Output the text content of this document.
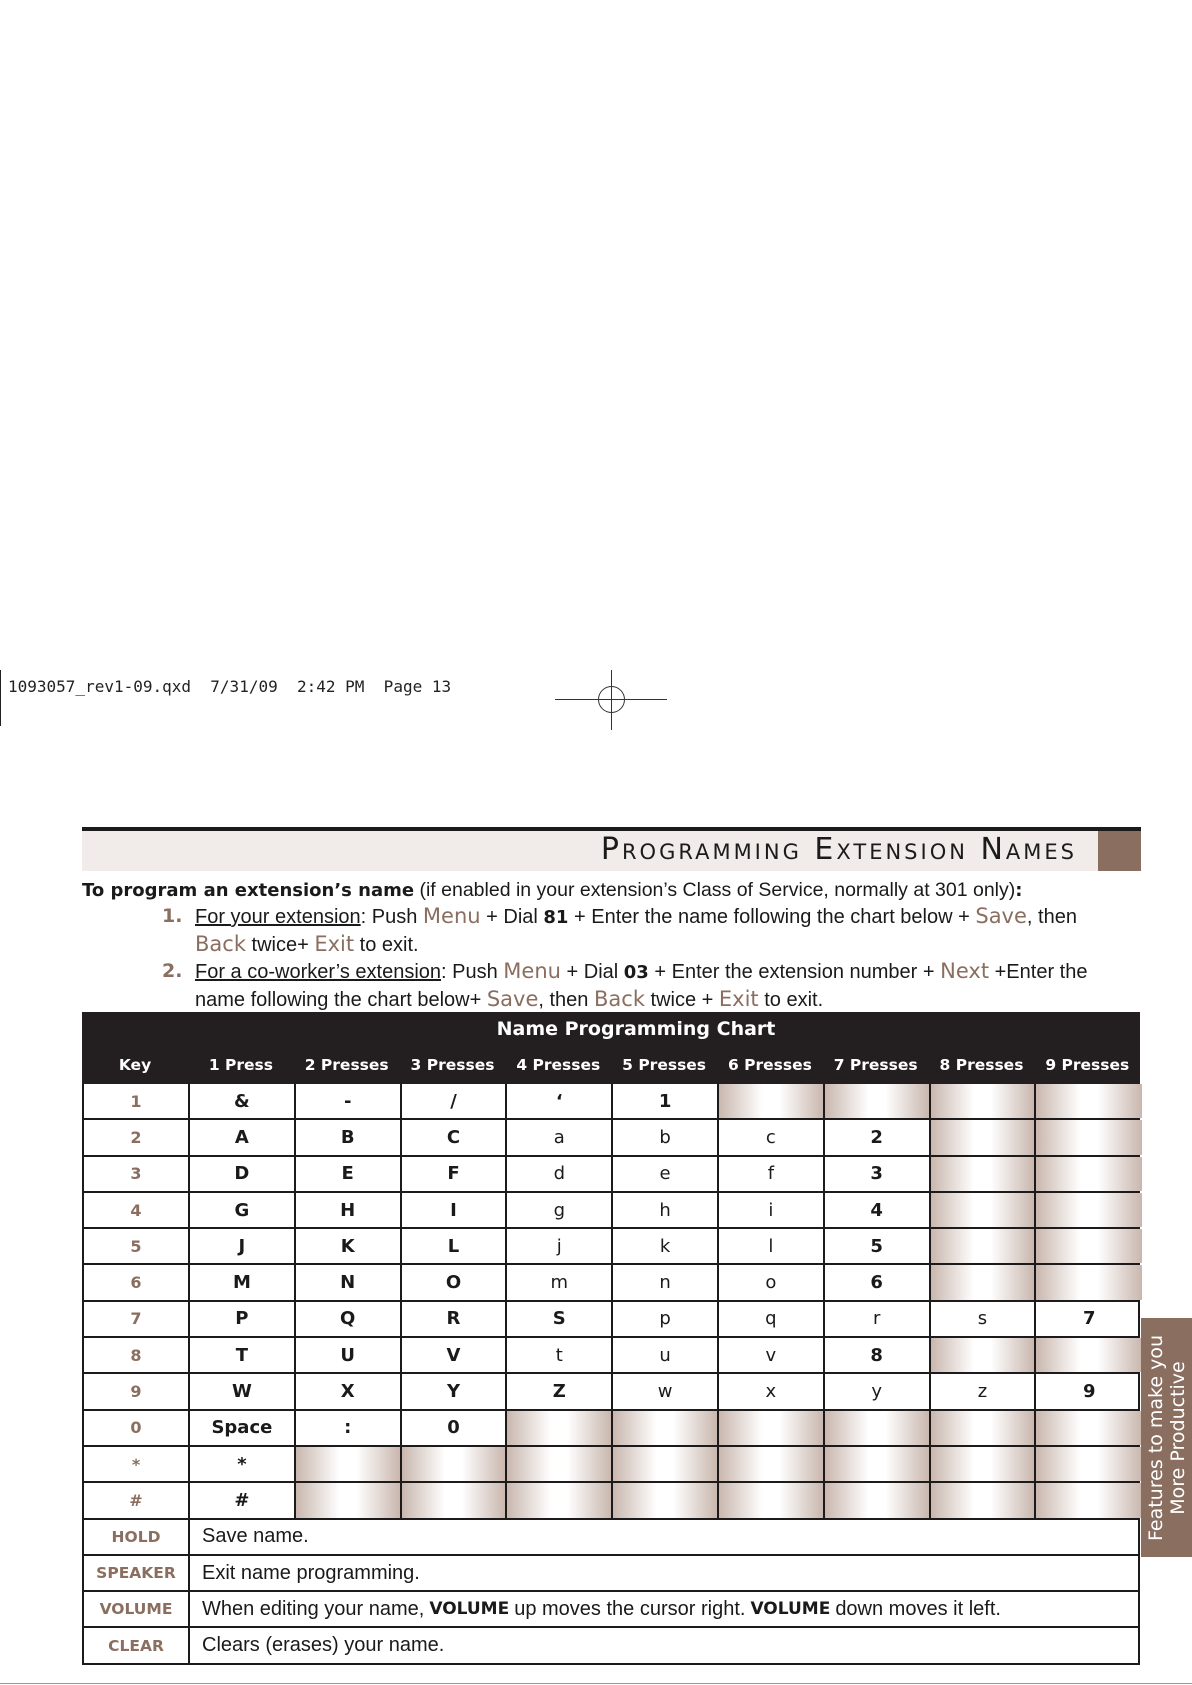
1093057_rev1-09.qxd  7/31/09  2:42 PM  Page 13
Programming Extension Names
To program an extension’s name (if enabled in your extension’s Class of Service, normally at 301 only):
1. For your extension: Push Menu + Dial 81 + Enter the name following the chart below + Save, then
Back twice+ Exit to exit.
2. For a co-worker’s extension: Push Menu + Dial 03 + Enter the extension number + Next +Enter the
name following the chart below+ Save, then Back twice + Exit to exit.
Name Programming Chart
Key	1 Press	2 Presses	3 Presses	4 Presses	5 Presses	6 Presses	7 Presses	8 Presses	9 Presses
1	&	-	/	‘	1
2	A	B	C	a	b	c	2
3	D	E	F	d	e	f	3
4	G	H	I	g	h	i	4
5	J	K	L	j	k	l	5
6	M	N	O	m	n	o	6
7	P	Q	R	S	p	q	r	s	7
8	T	U	V	t	u	v	8
9	W	X	Y	Z	w	x	y	z	9
0	Space	:	0
*	*
#	#
HOLD	Save name.
SPEAKER	Exit name programming.
VOLUME	When editing your name, VOLUME up moves the cursor right. VOLUME down moves it left.
CLEAR	Clears (erases) your name.
Features to make you More Productive
